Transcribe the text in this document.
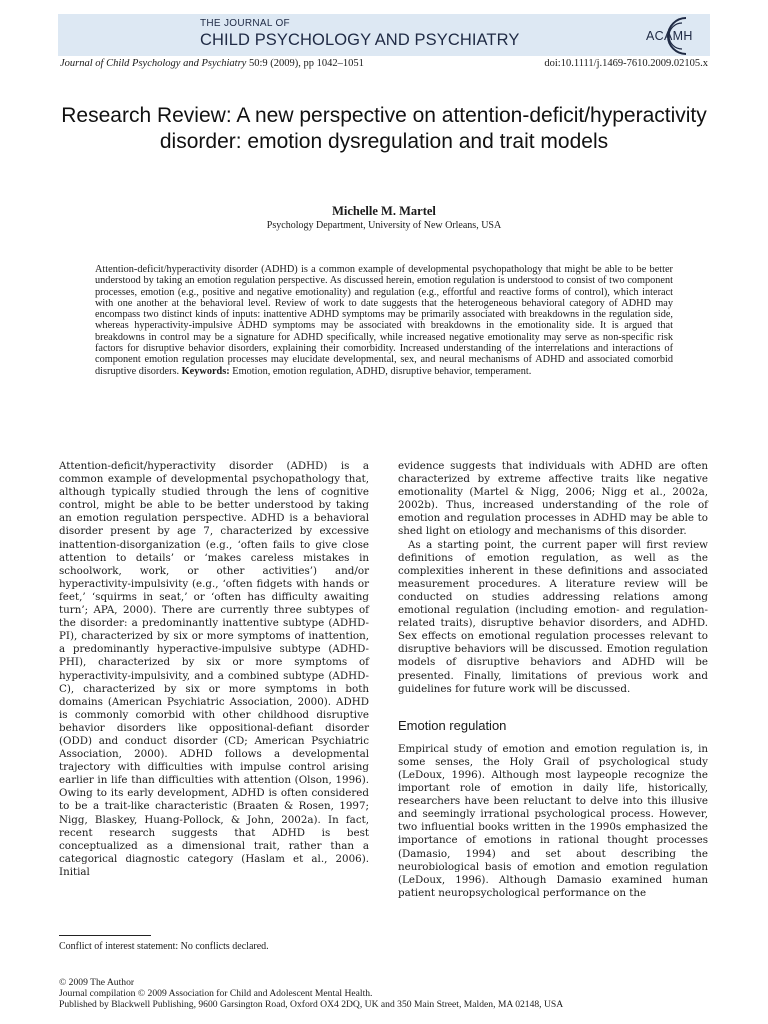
THE JOURNAL OF
CHILD PSYCHOLOGY AND PSYCHIATRY	ACAMH
Journal of Child Psychology and Psychiatry 50:9 (2009), pp 1042–1051	doi:10.1111/j.1469-7610.2009.02105.x
Research Review: A new perspective on attention-deficit/hyperactivity disorder: emotion dysregulation and trait models
Michelle M. Martel
Psychology Department, University of New Orleans, USA
Attention-deficit/hyperactivity disorder (ADHD) is a common example of developmental psychopathology that might be able to be better understood by taking an emotion regulation perspective. As discussed herein, emotion regulation is understood to consist of two component processes, emotion (e.g., positive and negative emotionality) and regulation (e.g., effortful and reactive forms of control), which interact with one another at the behavioral level. Review of work to date suggests that the heterogeneous behavioral category of ADHD may encompass two distinct kinds of inputs: inattentive ADHD symptoms may be primarily associated with breakdowns in the regulation side, whereas hyperactivity-impulsive ADHD symptoms may be associated with breakdowns in the emotionality side. It is argued that breakdowns in control may be a signature for ADHD specifically, while increased negative emotionality may serve as non-specific risk factors for disruptive behavior disorders, explaining their comorbidity. Increased understanding of the interrelations and interactions of component emotion regulation processes may elucidate developmental, sex, and neural mechanisms of ADHD and associated comorbid disruptive disorders. Keywords: Emotion, emotion regulation, ADHD, disruptive behavior, temperament.

Attention-deficit/hyperactivity disorder (ADHD) is a common example of developmental psychopathology that, although typically studied through the lens of cognitive control, might be able to be better understood by taking an emotion regulation perspective. ADHD is a behavioral disorder present by age 7, characterized by excessive inattention-disorganization (e.g., ‘often fails to give close attention to details’ or ‘makes careless mistakes in schoolwork, work, or other activities’) and/or hyperactivity-impulsivity (e.g., ‘often fidgets with hands or feet,’ ‘squirms in seat,’ or ‘often has difficulty awaiting turn’; APA, 2000). There are currently three subtypes of the disorder: a predominantly inattentive subtype (ADHD-PI), characterized by six or more symptoms of inattention, a predominantly hyperactive-impulsive subtype (ADHD-PHI), characterized by six or more symptoms of hyperactivity-impulsivity, and a combined subtype (ADHD-C), characterized by six or more symptoms in both domains (American Psychiatric Association, 2000). ADHD is commonly comorbid with other childhood disruptive behavior disorders like oppositional-defiant disorder (ODD) and conduct disorder (CD; American Psychiatric Association, 2000). ADHD follows a developmental trajectory with difficulties with impulse control arising earlier in life than difficulties with attention (Olson, 1996). Owing to its early development, ADHD is often considered to be a trait-like characteristic (Braaten & Rosen, 1997; Nigg, Blaskey, Huang-Pollock, & John, 2002a). In fact, recent research suggests that ADHD is best conceptualized as a dimensional trait, rather than a categorical diagnostic category (Haslam et al., 2006). Initial

evidence suggests that individuals with ADHD are often characterized by extreme affective traits like negative emotionality (Martel & Nigg, 2006; Nigg et al., 2002a, 2002b). Thus, increased understanding of the role of emotion and regulation processes in ADHD may be able to shed light on etiology and mechanisms of this disorder.

As a starting point, the current paper will first review definitions of emotion regulation, as well as the complexities inherent in these definitions and associated measurement procedures. A literature review will be conducted on studies addressing relations among emotional regulation (including emotion- and regulation-related traits), disruptive behavior disorders, and ADHD. Sex effects on emotional regulation processes relevant to disruptive behaviors will be discussed. Emotion regulation models of disruptive behaviors and ADHD will be presented. Finally, limitations of previous work and guidelines for future work will be discussed.

Emotion regulation

Empirical study of emotion and emotion regulation is, in some senses, the Holy Grail of psychological study (LeDoux, 1996). Although most laypeople recognize the important role of emotion in daily life, historically, researchers have been reluctant to delve into this illusive and seemingly irrational psychological process. However, two influential books written in the 1990s emphasized the importance of emotions in rational thought processes (Damasio, 1994) and set about describing the neurobiological basis of emotion and emotion regulation (LeDoux, 1996). Although Damasio examined human patient neuropsychological performance on the

Conflict of interest statement: No conflicts declared.
© 2009 The Author
Journal compilation © 2009 Association for Child and Adolescent Mental Health.
Published by Blackwell Publishing, 9600 Garsington Road, Oxford OX4 2DQ, UK and 350 Main Street, Malden, MA 02148, USA
